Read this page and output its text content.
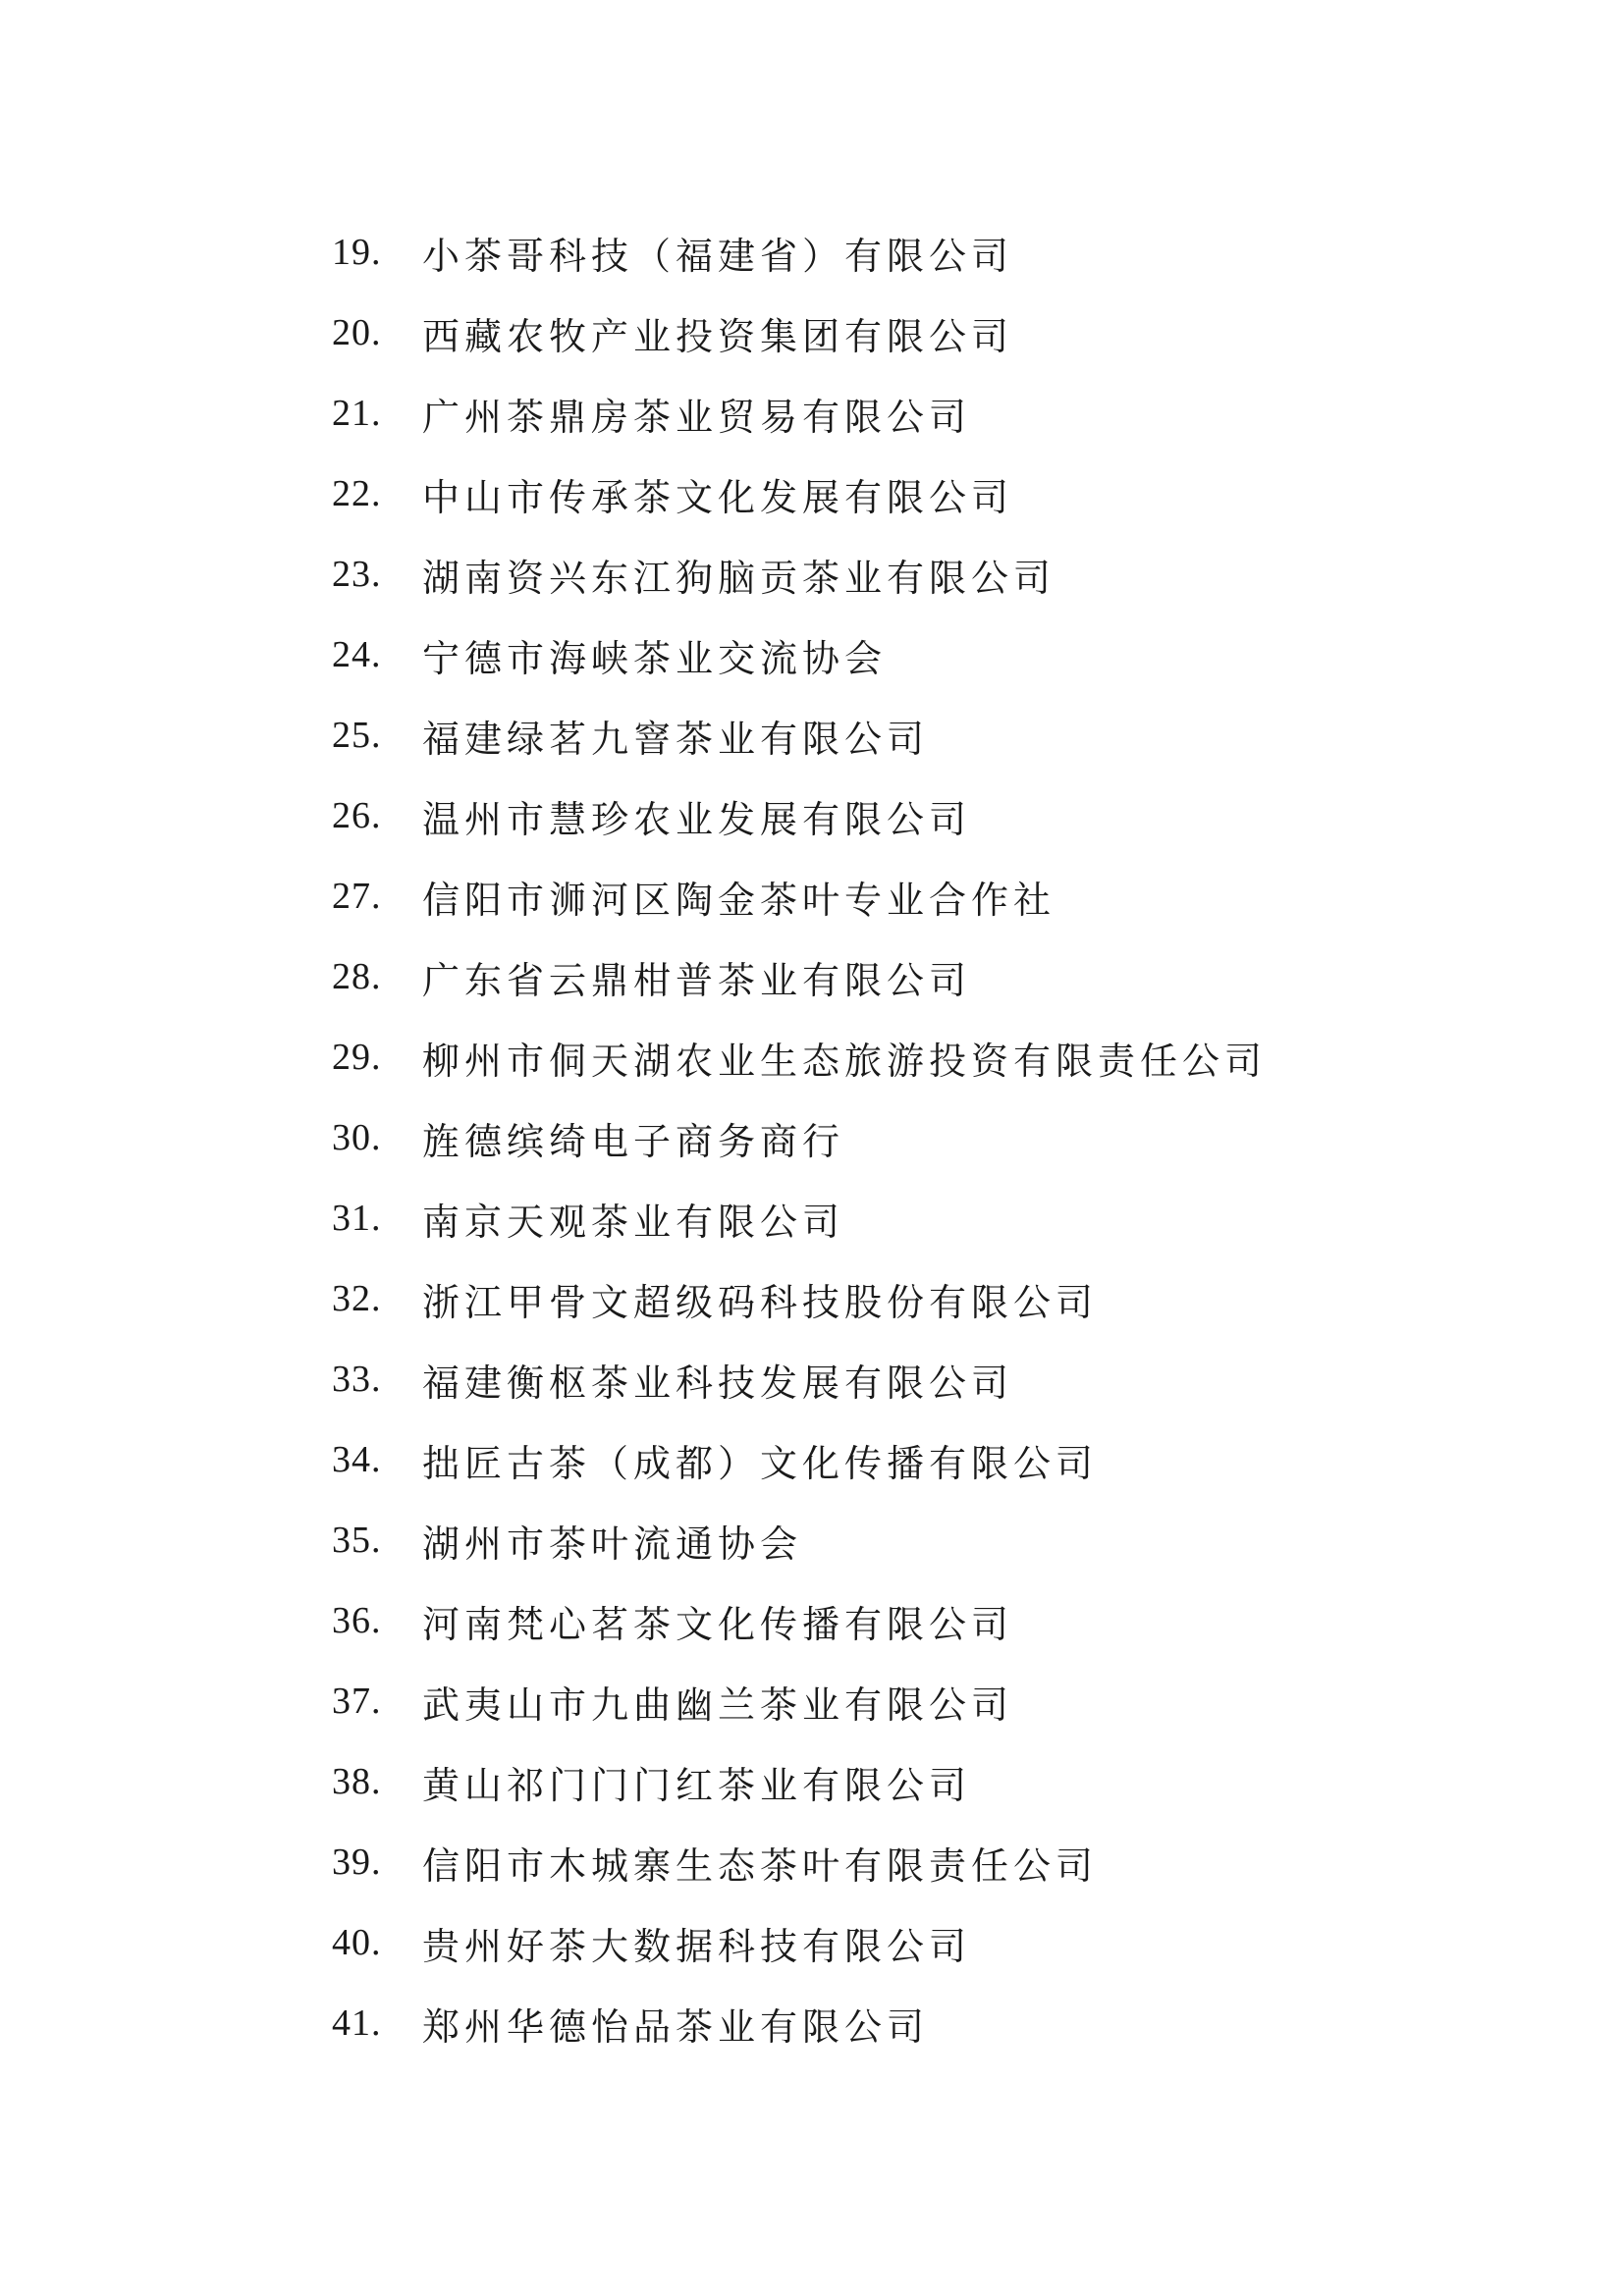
19.	小茶哥科技（福建省）有限公司
20.	西藏农牧产业投资集团有限公司
21.	广州茶鼎房茶业贸易有限公司
22.	中山市传承茶文化发展有限公司
23.	湖南资兴东江狗脑贡茶业有限公司
24.	宁德市海峡茶业交流协会
25.	福建绿茗九窨茶业有限公司
26.	温州市慧珍农业发展有限公司
27.	信阳市浉河区陶金茶叶专业合作社
28.	广东省云鼎柑普茶业有限公司
29.	柳州市侗天湖农业生态旅游投资有限责任公司
30.	旌德缤绮电子商务商行
31.	南京天观茶业有限公司
32.	浙江甲骨文超级码科技股份有限公司
33.	福建衡枢茶业科技发展有限公司
34.	拙匠古茶（成都）文化传播有限公司
35.	湖州市茶叶流通协会
36.	河南梵心茗茶文化传播有限公司
37.	武夷山市九曲幽兰茶业有限公司
38.	黄山祁门门门红茶业有限公司
39.	信阳市木城寨生态茶叶有限责任公司
40.	贵州好茶大数据科技有限公司
41.	郑州华德怡品茶业有限公司
